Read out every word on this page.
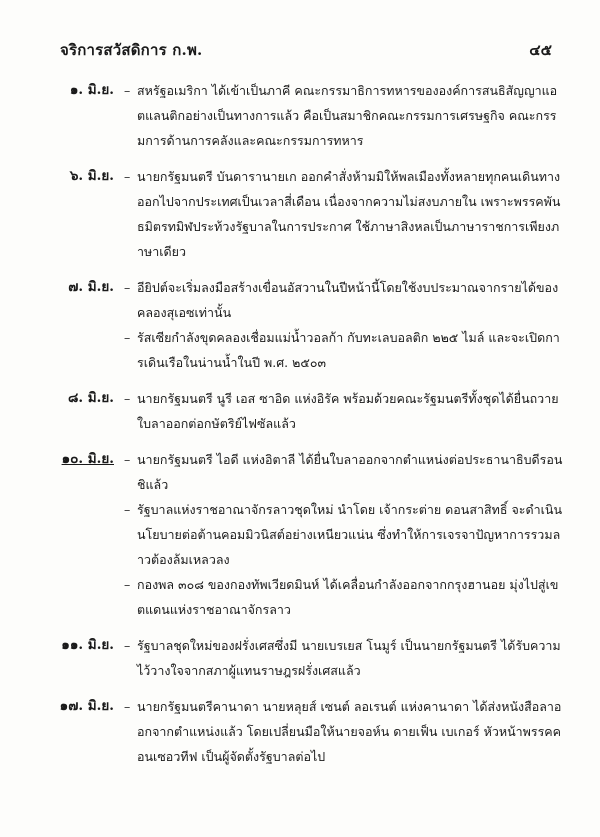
จริการสวัสดิการ ก.พ.	๔๕
๑. มิ.ย. – สหรัฐอเมริกา ได้เข้าเป็นภาคี คณะกรรมาธิการทหารขององค์การสนธิสัญญาแอตแลนติกอย่างเป็นทางการแล้ว คือเป็นสมาชิกคณะกรรมการเศรษฐกิจ คณะกรรมการด้านการคลังและคณะกรรมการทหาร
๖. มิ.ย. – นายกรัฐมนตรี บันดารานายเก ออกคำสั่งห้ามมิให้พลเมืองทั้งหลายทุกคนเดินทางออกไปจากประเทศเป็นเวลาสี่เดือน เนื่องจากความไม่สงบภายใน เพราะพรรคพันธมิตรทมิฬประท้วงรัฐบาลในการประกาศ ใช้ภาษาสิงหลเป็นภาษาราชการเพียงภาษาเดียว
๗. มิ.ย. – อียิปต์จะเริ่มลงมือสร้างเขื่อนอัสวานในปีหน้านี้โดยใช้งบประมาณจากรายได้ของคลองสุเอซเท่านั้น
– รัสเซียกำลังขุดคลองเชื่อมแม่น้ำวอลก้า กับทะเลบอลติก ๒๒๕ ไมล์ และจะเปิดการเดินเรือในน่านน้ำในปี พ.ศ. ๒๕๐๓
๘. มิ.ย. – นายกรัฐมนตรี นูรี เอส ซาอิด แห่งอิรัค พร้อมด้วยคณะรัฐมนตรีทั้งชุดได้ยื่นถวายใบลาออกต่อกษัตริย์ไฟซัลแล้ว
๑๐. มิ.ย. – นายกรัฐมนตรี ไอดี แห่งอิตาลี ได้ยื่นใบลาออกจากตำแหน่งต่อประธานาธิบดีรอนชิแล้ว
– รัฐบาลแห่งราชอาณาจักรลาวชุดใหม่ นำโดย เจ้ากระต่าย ดอนสาสิทธิ์ จะดำเนินนโยบายต่อต้านคอมมิวนิสต์อย่างเหนียวแน่น ซึ่งทำให้การเจรจาปัญหาการรวมลาวต้องล้มเหลวลง
– กองพล ๓๐๘ ของกองทัพเวียดมินห์ ได้เคลื่อนกำลังออกจากกรุงฮานอย มุ่งไปสู่เขตแดนแห่งราชอาณาจักรลาว
๑๑. มิ.ย. – รัฐบาลชุดใหม่ของฝรั่งเศสซึ่งมี นายเบรเยส โนมูร์ เป็นนายกรัฐมนตรี ได้รับความไว้วางใจจากสภาผู้แทนราษฎรฝรั่งเศสแล้ว
๑๗. มิ.ย. – นายกรัฐมนตรีคานาดา นายหลุยส์ เซนต์ ลอเรนต์ แห่งคานาดา ได้ส่งหนังสือลาออกจากตำแหน่งแล้ว โดยเปลี่ยนมือให้นายจอห์น ดายเฟ็น เบเกอร์ หัวหน้าพรรคคอนเซอวทีฟ เป็นผู้จัดตั้งรัฐบาลต่อไป
